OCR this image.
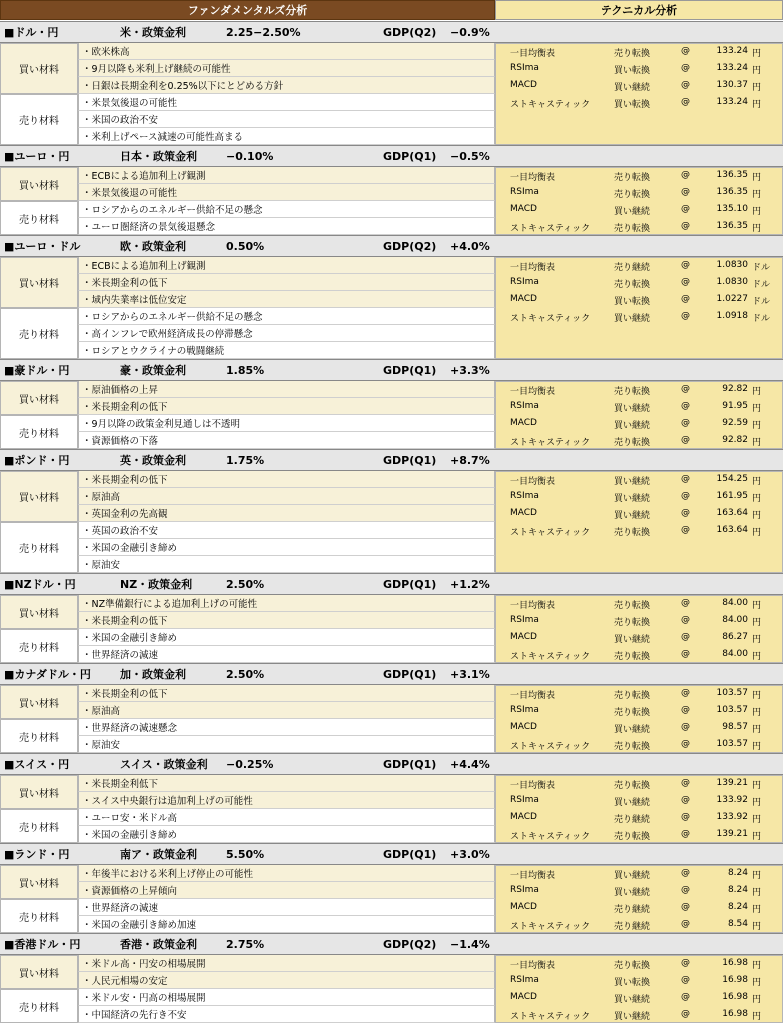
ファンダメンタルズ分析	テクニカル分析
■ドル・円	米・政策金利	2.25−2.50%	GDP(Q2) −0.9%
買い材料
・欧米株高
・9月以降も米利上げ継続の可能性
・日銀は長期金利を0.25%以下にとどめる方針
売り材料
・米景気後退の可能性
・米国の政治不安
・米利上げペース減速の可能性高まる
一目均衡表	売り転換	@	133.24 円
RSIma	買い転換	@	133.24 円
MACD	買い継続	@	130.37 円
ストキャスティック	買い転換	@	133.24 円
■ユーロ・円	日本・政策金利	−0.10%	GDP(Q1) −0.5%
買い材料
・ECBによる追加利上げ観測
・米景気後退の可能性
売り材料
・ロシアからのエネルギー供給不足の懸念
・ユーロ圏経済の景気後退懸念
一目均衡表	売り転換	@	136.35 円
RSIma	売り転換	@	136.35 円
MACD	買い継続	@	135.10 円
ストキャスティック	売り転換	@	136.35 円
■ユーロ・ドル	欧・政策金利	0.50%	GDP(Q2) +4.0%
買い材料
・ECBによる追加利上げ観測
・米長期金利の低下
・域内失業率は低位安定
売り材料
・ロシアからのエネルギー供給不足の懸念
・高インフレで欧州経済成長の停滞懸念
・ロシアとウクライナの戦闘継続
一目均衡表	売り継続	@	1.0830 ドル
RSIma	売り転換	@	1.0830 ドル
MACD	買い転換	@	1.0227 ドル
ストキャスティック	買い継続	@	1.0918 ドル
■豪ドル・円	豪・政策金利	1.85%	GDP(Q1) +3.3%
買い材料
・原油価格の上昇
・米長期金利の低下
売り材料
・9月以降の政策金利見通しは不透明
・資源価格の下落
一目均衡表	売り転換	@	92.82 円
RSIma	買い継続	@	91.95 円
MACD	買い継続	@	92.59 円
ストキャスティック	売り転換	@	92.82 円
■ポンド・円	英・政策金利	1.75%	GDP(Q1) +8.7%
買い材料
・米長期金利の低下
・原油高
・英国金利の先高観
売り材料
・英国の政治不安
・米国の金融引き締め
・原油安
一目均衡表	買い継続	@	154.25 円
RSIma	買い継続	@	161.95 円
MACD	買い継続	@	163.64 円
ストキャスティック	売り転換	@	163.64 円
■NZドル・円	NZ・政策金利	2.50%	GDP(Q1) +1.2%
買い材料
・NZ準備銀行による追加利上げの可能性
・米長期金利の低下
売り材料
・米国の金融引き締め
・世界経済の減速
一目均衡表	売り転換	@	84.00 円
RSIma	売り転換	@	84.00 円
MACD	買い継続	@	86.27 円
ストキャスティック	売り転換	@	84.00 円
■カナダドル・円	加・政策金利	2.50%	GDP(Q1) +3.1%
買い材料
・米長期金利の低下
・原油高
売り材料
・世界経済の減速懸念
・原油安
一目均衡表	売り転換	@	103.57 円
RSIma	売り転換	@	103.57 円
MACD	買い継続	@	98.57 円
ストキャスティック	売り転換	@	103.57 円
■スイス・円	スイス・政策金利 −0.25%	GDP(Q1) +4.4%
買い材料
・米長期金利低下
・スイス中央銀行は追加利上げの可能性
売り材料
・ユーロ安・米ドル高
・米国の金融引き締め
一目均衡表	売り転換	@	139.21 円
RSIma	買い継続	@	133.92 円
MACD	売り継続	@	133.92 円
ストキャスティック	売り転換	@	139.21 円
■ランド・円	南ア・政策金利	5.50%	GDP(Q1) +3.0%
買い材料
・年後半における米利上げ停止の可能性
・資源価格の上昇傾向
売り材料
・世界経済の減速
・米国の金融引き締め加速
一目均衡表	買い継続	@	8.24 円
RSIma	買い継続	@	8.24 円
MACD	売り継続	@	8.24 円
ストキャスティック	売り継続	@	8.54 円
■香港ドル・円	香港・政策金利	2.75%	GDP(Q2) −1.4%
買い材料
・米ドル高・円安の相場展開
・人民元相場の安定
売り材料
・米ドル安・円高の相場展開
・中国経済の先行き不安
一目均衡表	売り転換	@	16.98 円
RSIma	買い転換	@	16.98 円
MACD	買い継続	@	16.98 円
ストキャスティック	買い継続	@	16.98 円
